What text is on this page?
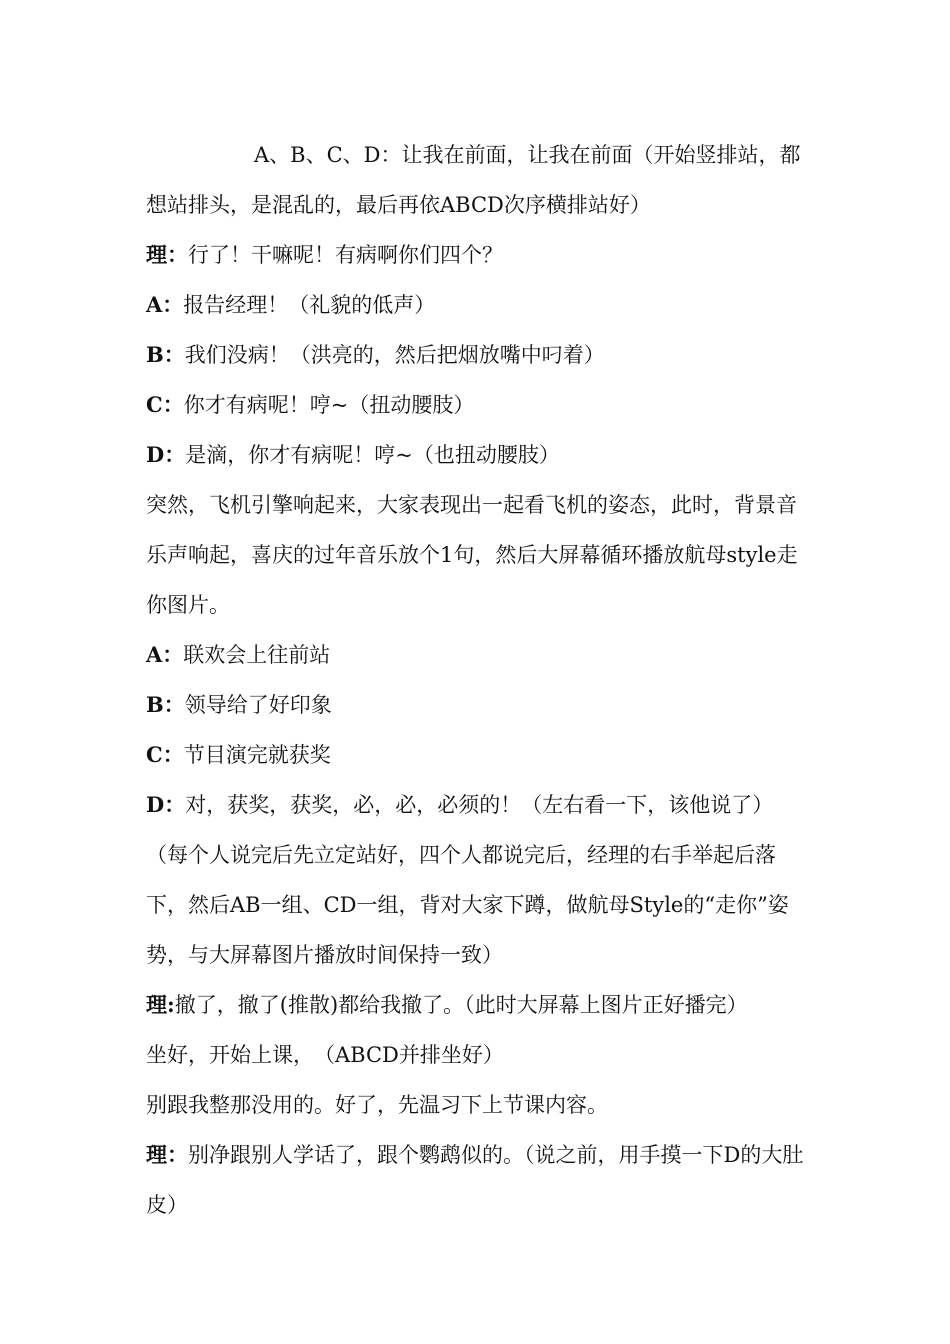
A、B、C、D：让我在前面，让我在前面（开始竖排站，都想站排头，是混乱的，最后再依ABCD次序横排站好）

理：行了！干嘛呢！有病啊你们四个？

A：报告经理！（礼貌的低声）

B：我们没病！（洪亮的，然后把烟放嘴中叼着）

C：你才有病呢！哼~（扭动腰肢）

D：是滴，你才有病呢！哼~（也扭动腰肢）

突然，飞机引擎响起来，大家表现出一起看飞机的姿态，此时，背景音乐声响起，喜庆的过年音乐放个1句，然后大屏幕循环播放航母style走你图片。

A：联欢会上往前站

B：领导给了好印象

C：节目演完就获奖

D：对，获奖，获奖，必，必，必须的！（左右看一下，该他说了）

（每个人说完后先立定站好，四个人都说完后，经理的右手举起后落下，然后AB一组、CD一组，背对大家下蹲，做航母Style的“走你”姿势，与大屏幕图片播放时间保持一致）

理:撤了，撤了(推散)都给我撤了。（此时大屏幕上图片正好播完）

坐好，开始上课，　（ABCD并排坐好）

别跟我整那没用的。好了，先温习下上节课内容。

理：别净跟别人学话了，跟个鹦鹉似的。（说之前，用手摸一下D的大肚皮）
